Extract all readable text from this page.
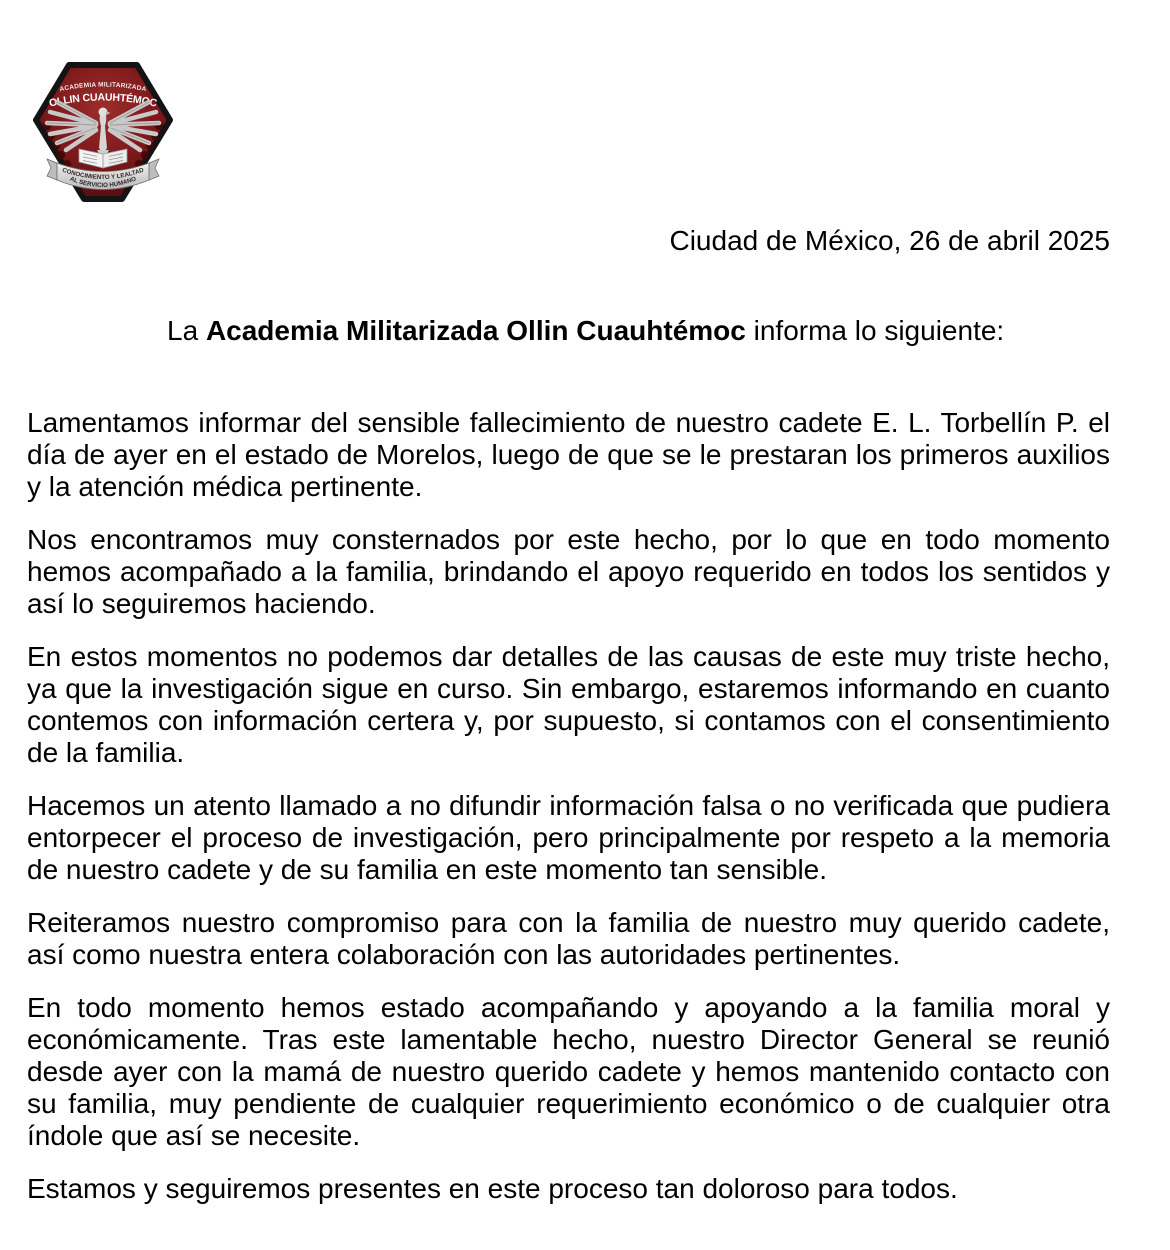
ACADEMIA MILITARIZADA
OLLIN CUAUHTÉMOC
CONOCIMIENTO Y LEALTAD
AL SERVICIO HUMANO
Ciudad de México, 26 de abril 2025

La Academia Militarizada Ollin Cuauhtémoc informa lo siguiente:

Lamentamos informar del sensible fallecimiento de nuestro cadete E. L. Torbellín P. el día de ayer en el estado de Morelos, luego de que se le prestaran los primeros auxilios y la atención médica pertinente.

Nos encontramos muy consternados por este hecho, por lo que en todo momento hemos acompañado a la familia, brindando el apoyo requerido en todos los sentidos y así lo seguiremos haciendo.

En estos momentos no podemos dar detalles de las causas de este muy triste hecho, ya que la investigación sigue en curso. Sin embargo, estaremos informando en cuanto contemos con información certera y, por supuesto, si contamos con el consentimiento de la familia.

Hacemos un atento llamado a no difundir información falsa o no verificada que pudiera entorpecer el proceso de investigación, pero principalmente por respeto a la memoria de nuestro cadete y de su familia en este momento tan sensible.

Reiteramos nuestro compromiso para con la familia de nuestro muy querido cadete, así como nuestra entera colaboración con las autoridades pertinentes.

En todo momento hemos estado acompañando y apoyando a la familia moral y económicamente. Tras este lamentable hecho, nuestro Director General se reunió desde ayer con la mamá de nuestro querido cadete y hemos mantenido contacto con su familia, muy pendiente de cualquier requerimiento económico o de cualquier otra índole que así se necesite.

Estamos y seguiremos presentes en este proceso tan doloroso para todos.
